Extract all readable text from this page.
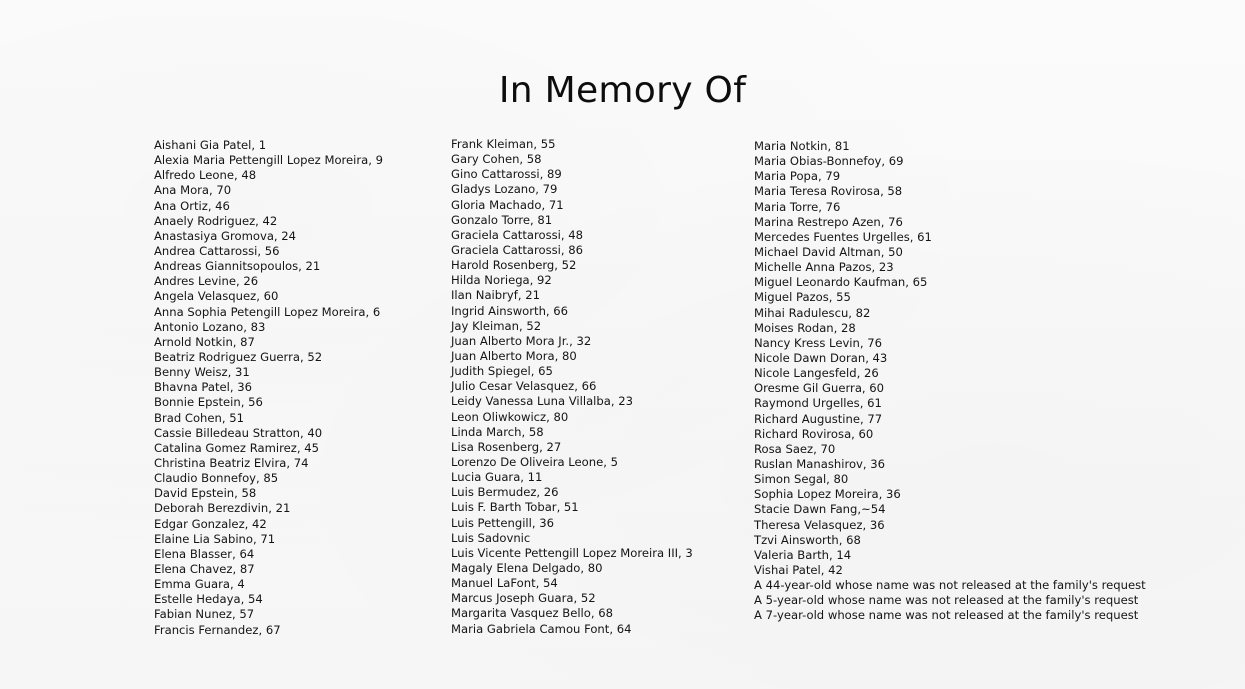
In Memory Of
Aishani Gia Patel, 1
Alexia Maria Pettengill Lopez Moreira, 9
Alfredo Leone, 48
Ana Mora, 70
Ana Ortiz, 46
Anaely Rodriguez, 42
Anastasiya Gromova, 24
Andrea Cattarossi, 56
Andreas Giannitsopoulos, 21
Andres Levine, 26
Angela Velasquez, 60
Anna Sophia Petengill Lopez Moreira, 6
Antonio Lozano, 83
Arnold Notkin, 87
Beatriz Rodriguez Guerra, 52
Benny Weisz, 31
Bhavna Patel, 36
Bonnie Epstein, 56
Brad Cohen, 51
Cassie Billedeau Stratton, 40
Catalina Gomez Ramirez, 45
Christina Beatriz Elvira, 74
Claudio Bonnefoy, 85
David Epstein, 58
Deborah Berezdivin, 21
Edgar Gonzalez, 42
Elaine Lia Sabino, 71
Elena Blasser, 64
Elena Chavez, 87
Emma Guara, 4
Estelle Hedaya, 54
Fabian Nunez, 57
Francis Fernandez, 67
Frank Kleiman, 55
Gary Cohen, 58
Gino Cattarossi, 89
Gladys Lozano, 79
Gloria Machado, 71
Gonzalo Torre, 81
Graciela Cattarossi, 48
Graciela Cattarossi, 86
Harold Rosenberg, 52
Hilda Noriega, 92
Ilan Naibryf, 21
Ingrid Ainsworth, 66
Jay Kleiman, 52
Juan Alberto Mora Jr., 32
Juan Alberto Mora, 80
Judith Spiegel, 65
Julio Cesar Velasquez, 66
Leidy Vanessa Luna Villalba, 23
Leon Oliwkowicz, 80
Linda March, 58
Lisa Rosenberg, 27
Lorenzo De Oliveira Leone, 5
Lucia Guara, 11
Luis Bermudez, 26
Luis F. Barth Tobar, 51
Luis Pettengill, 36
Luis Sadovnic
Luis Vicente Pettengill Lopez Moreira III, 3
Magaly Elena Delgado, 80
Manuel LaFont, 54
Marcus Joseph Guara, 52
Margarita Vasquez Bello, 68
Maria Gabriela Camou Font, 64
Maria Notkin, 81
Maria Obias-Bonnefoy, 69
Maria Popa, 79
Maria Teresa Rovirosa, 58
Maria Torre, 76
Marina Restrepo Azen, 76
Mercedes Fuentes Urgelles, 61
Michael David Altman, 50
Michelle Anna Pazos, 23
Miguel Leonardo Kaufman, 65
Miguel Pazos, 55
Mihai Radulescu, 82
Moises Rodan, 28
Nancy Kress Levin, 76
Nicole Dawn Doran, 43
Nicole Langesfeld, 26
Oresme Gil Guerra, 60
Raymond Urgelles, 61
Richard Augustine, 77
Richard Rovirosa, 60
Rosa Saez, 70
Ruslan Manashirov, 36
Simon Segal, 80
Sophia Lopez Moreira, 36
Stacie Dawn Fang,~54
Theresa Velasquez, 36
Tzvi Ainsworth, 68
Valeria Barth, 14
Vishai Patel, 42
A 44-year-old whose name was not released at the family's request
A 5-year-old whose name was not released at the family's request
A 7-year-old whose name was not released at the family's request
